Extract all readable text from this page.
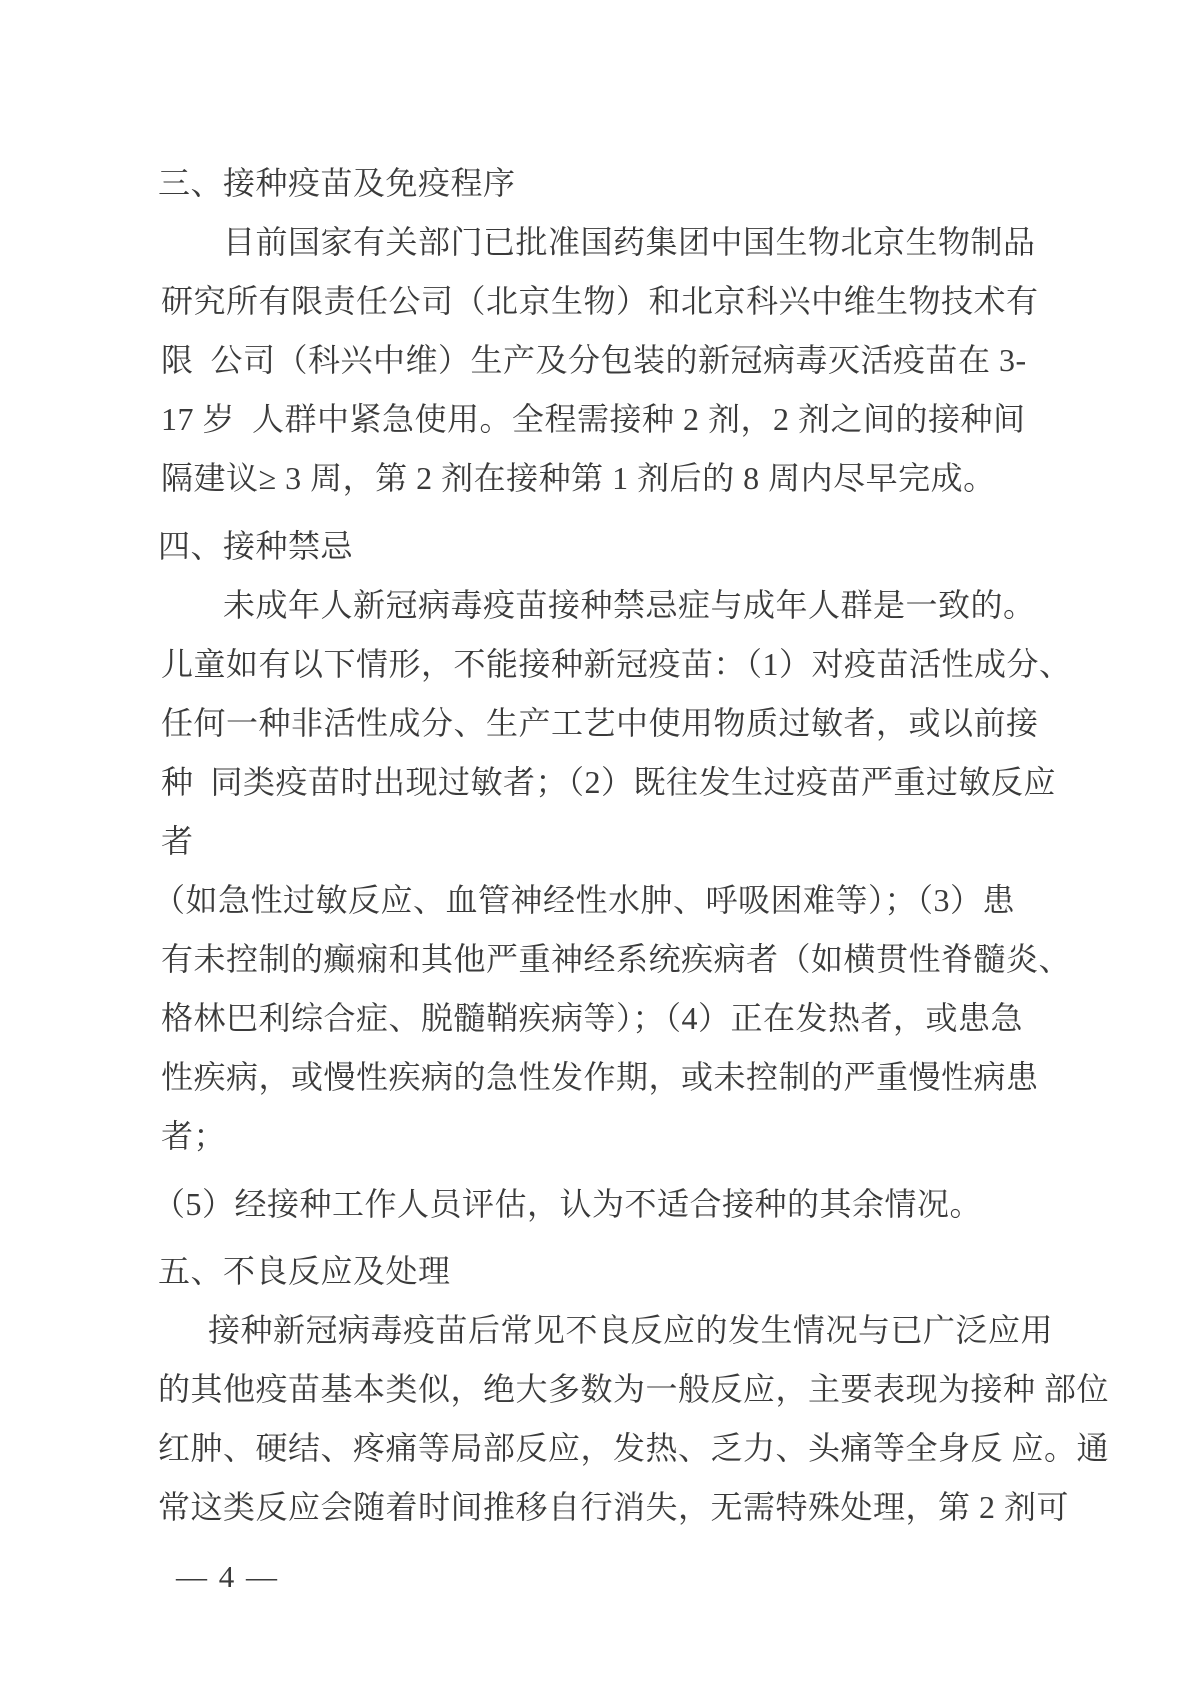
三、接种疫苗及免疫程序
目前国家有关部门已批准国药集团中国生物北京生物制品
研究所有限责任公司（北京生物）和北京科兴中维生物技术有
限  公司（科兴中维）生产及分包装的新冠病毒灭活疫苗在 3-
17 岁  人群中紧急使用。全程需接种 2 剂，2 剂之间的接种间
隔建议≥ 3 周，第 2 剂在接种第 1 剂后的 8 周内尽早完成。
四、接种禁忌
未成年人新冠病毒疫苗接种禁忌症与成年人群是一致的。
儿童如有以下情形，不能接种新冠疫苗：（1）对疫苗活性成分、
任何一种非活性成分、生产工艺中使用物质过敏者，或以前接
种  同类疫苗时出现过敏者；（2）既往发生过疫苗严重过敏反应
者
（如急性过敏反应、血管神经性水肿、呼吸困难等）；（3）患
有未控制的癫痫和其他严重神经系统疾病者（如横贯性脊髓炎、
格林巴利综合症、脱髓鞘疾病等）；（4）正在发热者，或患急
性疾病，或慢性疾病的急性发作期，或未控制的严重慢性病患
者；
（5）经接种工作人员评估，认为不适合接种的其余情况。
五、不良反应及处理
接种新冠病毒疫苗后常见不良反应的发生情况与已广泛应用
的其他疫苗基本类似，绝大多数为一般反应，主要表现为接种 部位
红肿、硬结、疼痛等局部反应，发热、乏力、头痛等全身反 应。通
常这类反应会随着时间推移自行消失，无需特殊处理，第 2 剂可
— 4 —
